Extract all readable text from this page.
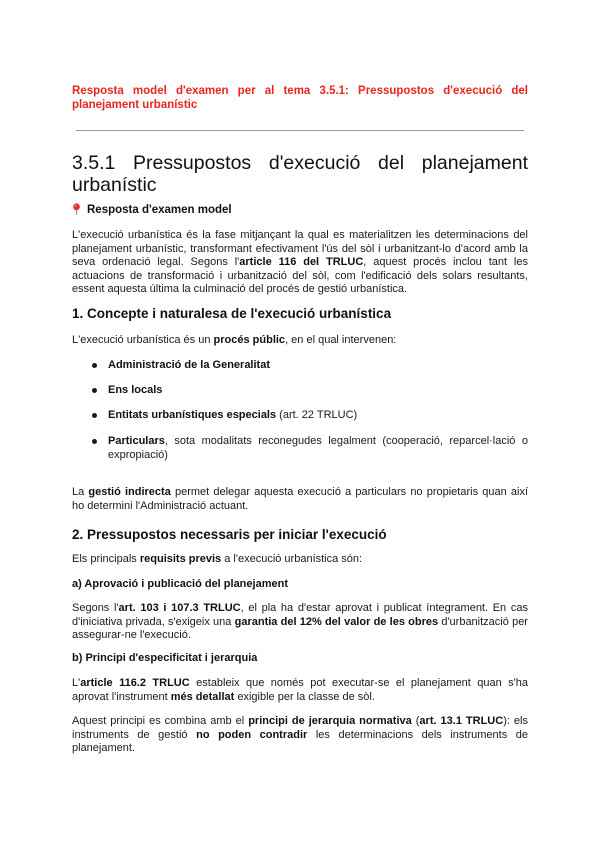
Resposta model d'examen per al tema 3.5.1: Pressupostos d'execució del planejament urbanístic
3.5.1 Pressupostos d'execució del planejament urbanístic
Resposta d'examen model

L'execució urbanística és la fase mitjançant la qual es materialitzen les determinacions del planejament urbanístic, transformant efectivament l'ús del sòl i urbanitzant-lo d'acord amb la seva ordenació legal. Segons l'article 116 del TRLUC, aquest procés inclou tant les actuacions de transformació i urbanització del sòl, com l'edificació dels solars resultants, essent aquesta última la culminació del procés de gestió urbanística.

1. Concepte i naturalesa de l'execució urbanística

L'execució urbanística és un procés públic, en el qual intervenen:

Administració de la Generalitat
Ens locals
Entitats urbanístiques especials (art. 22 TRLUC)
Particulars, sota modalitats reconegudes legalment (cooperació, reparcel·lació o expropiació)

La gestió indirecta permet delegar aquesta execució a particulars no propietaris quan així ho determini l'Administració actuant.

2. Pressupostos necessaris per iniciar l'execució

Els principals requisits previs a l'execució urbanística són:

a) Aprovació i publicació del planejament

Segons l'art. 103 i 107.3 TRLUC, el pla ha d'estar aprovat i publicat íntegrament. En cas d'iniciativa privada, s'exigeix una garantia del 12% del valor de les obres d'urbanització per assegurar-ne l'execució.

b) Principi d'especificitat i jerarquia

L'article 116.2 TRLUC estableix que només pot executar-se el planejament quan s'ha aprovat l'instrument més detallat exigible per la classe de sòl.

Aquest principi es combina amb el principi de jerarquia normativa (art. 13.1 TRLUC): els instruments de gestió no poden contradir les determinacions dels instruments de planejament.
